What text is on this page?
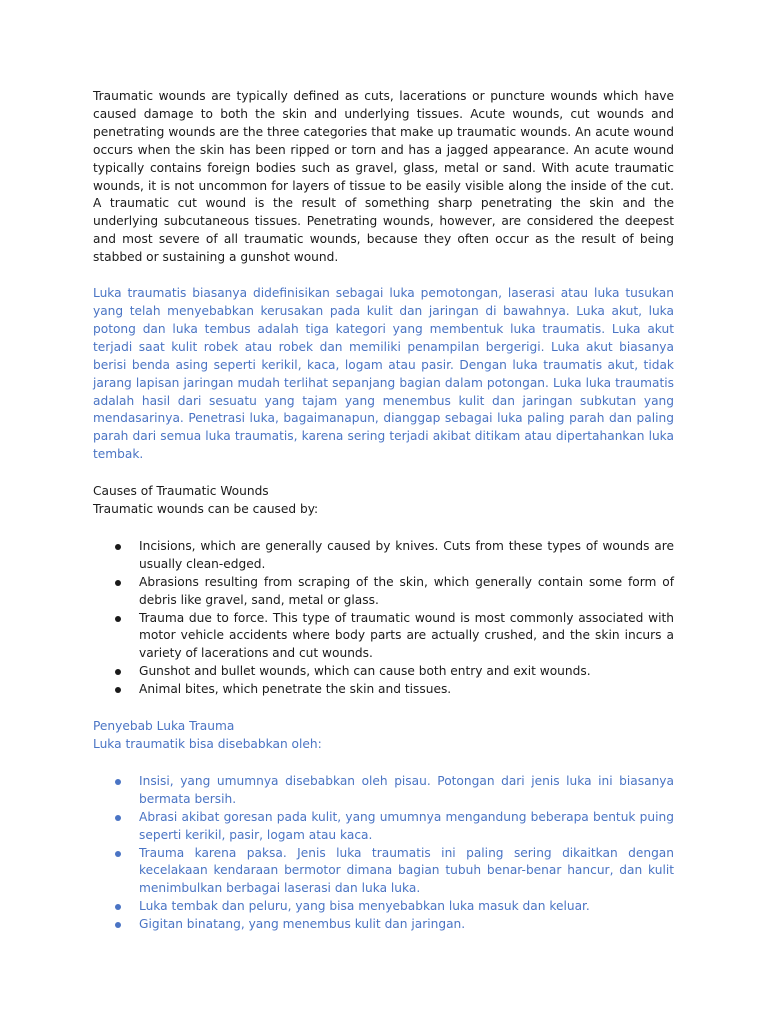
Traumatic wounds are typically defined as cuts, lacerations or puncture wounds which have caused damage to both the skin and underlying tissues. Acute wounds, cut wounds and penetrating wounds are the three categories that make up traumatic wounds. An acute wound occurs when the skin has been ripped or torn and has a jagged appearance. An acute wound typically contains foreign bodies such as gravel, glass, metal or sand. With acute traumatic wounds, it is not uncommon for layers of tissue to be easily visible along the inside of the cut. A traumatic cut wound is the result of something sharp penetrating the skin and the underlying subcutaneous tissues. Penetrating wounds, however, are considered the deepest and most severe of all traumatic wounds, because they often occur as the result of being stabbed or sustaining a gunshot wound.

Luka traumatis biasanya didefinisikan sebagai luka pemotongan, laserasi atau luka tusukan yang telah menyebabkan kerusakan pada kulit dan jaringan di bawahnya. Luka akut, luka potong dan luka tembus adalah tiga kategori yang membentuk luka traumatis. Luka akut terjadi saat kulit robek atau robek dan memiliki penampilan bergerigi. Luka akut biasanya berisi benda asing seperti kerikil, kaca, logam atau pasir. Dengan luka traumatis akut, tidak jarang lapisan jaringan mudah terlihat sepanjang bagian dalam potongan. Luka luka traumatis adalah hasil dari sesuatu yang tajam yang menembus kulit dan jaringan subkutan yang mendasarinya. Penetrasi luka, bagaimanapun, dianggap sebagai luka paling parah dan paling parah dari semua luka traumatis, karena sering terjadi akibat ditikam atau dipertahankan luka tembak.

Causes of Traumatic Wounds

Traumatic wounds can be caused by:

Incisions, which are generally caused by knives. Cuts from these types of wounds are usually clean-edged.
Abrasions resulting from scraping of the skin, which generally contain some form of debris like gravel, sand, metal or glass.
Trauma due to force. This type of traumatic wound is most commonly associated with motor vehicle accidents where body parts are actually crushed, and the skin incurs a variety of lacerations and cut wounds.
Gunshot and bullet wounds, which can cause both entry and exit wounds.
Animal bites, which penetrate the skin and tissues.

Penyebab Luka Trauma

Luka traumatik bisa disebabkan oleh:

Insisi, yang umumnya disebabkan oleh pisau. Potongan dari jenis luka ini biasanya bermata bersih.
Abrasi akibat goresan pada kulit, yang umumnya mengandung beberapa bentuk puing seperti kerikil, pasir, logam atau kaca.
Trauma karena paksa. Jenis luka traumatis ini paling sering dikaitkan dengan kecelakaan kendaraan bermotor dimana bagian tubuh benar-benar hancur, dan kulit menimbulkan berbagai laserasi dan luka luka.
Luka tembak dan peluru, yang bisa menyebabkan luka masuk dan keluar.
Gigitan binatang, yang menembus kulit dan jaringan.
